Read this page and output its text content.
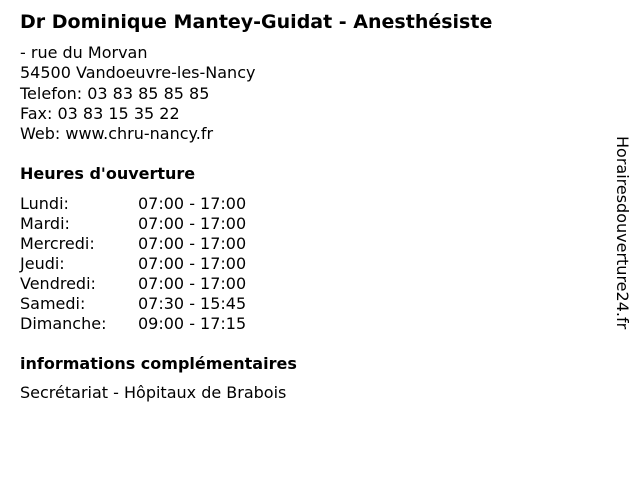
Dr Dominique Mantey-Guidat - Anesthésiste
- rue du Morvan
54500 Vandoeuvre-les-Nancy
Telefon: 03 83 85 85 85
Fax: 03 83 15 35 22
Web: www.chru-nancy.fr
Heures d'ouverture
Lundi:	07:00 - 17:00
Mardi:	07:00 - 17:00
Mercredi:	07:00 - 17:00
Jeudi:	07:00 - 17:00
Vendredi:	07:00 - 17:00
Samedi:	07:30 - 15:45
Dimanche:	09:00 - 17:15
informations complémentaires
Secrétariat - Hôpitaux de Brabois
Horairesdouverture24.fr
